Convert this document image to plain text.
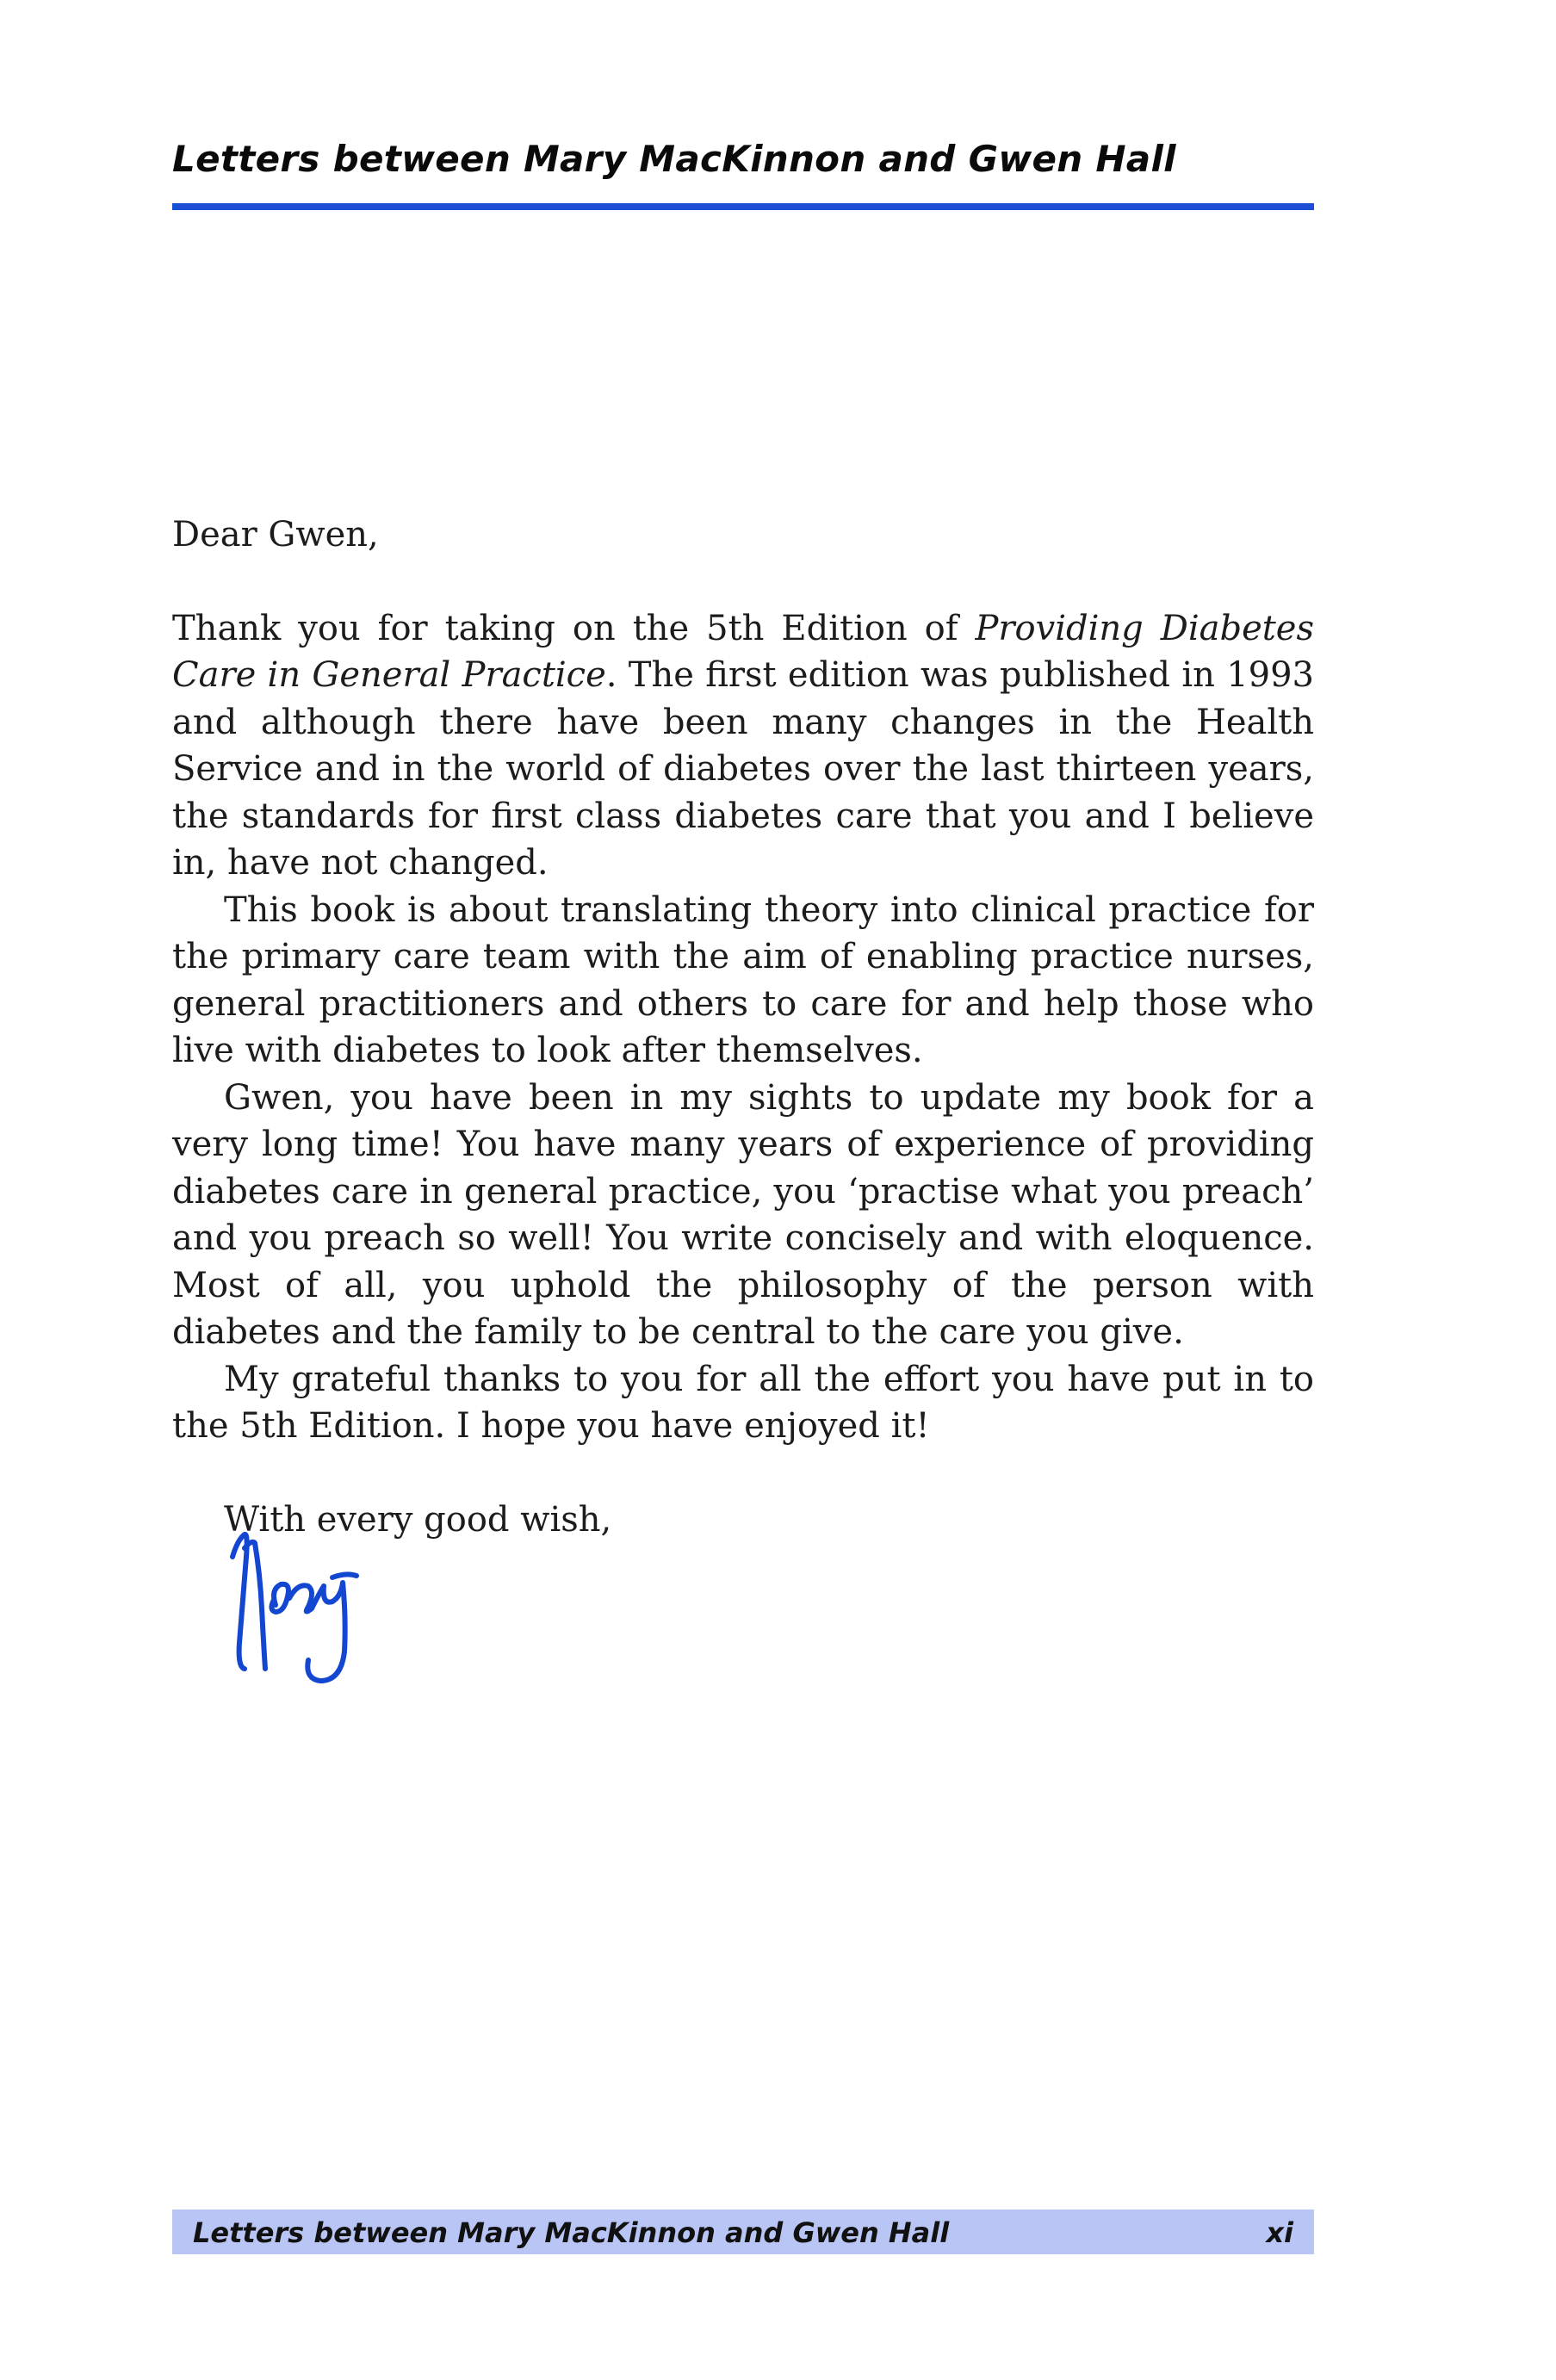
Letters between Mary MacKinnon and Gwen Hall

Dear Gwen,

Thank you for taking on the 5th Edition of Providing Diabetes Care in General Practice. The first edition was published in 1993 and although there have been many changes in the Health Service and in the world of diabetes over the last thirteen years, the standards for first class diabetes care that you and I believe in, have not changed.

This book is about translating theory into clinical practice for the primary care team with the aim of enabling practice nurses, general practitioners and others to care for and help those who live with diabetes to look after themselves.

Gwen, you have been in my sights to update my book for a very long time! You have many years of experience of providing diabetes care in general practice, you ‘practise what you preach’ and you preach so well! You write concisely and with eloquence. Most of all, you uphold the philosophy of the person with diabetes and the family to be central to the care you give.

My grateful thanks to you for all the effort you have put in to the 5th Edition. I hope you have enjoyed it!

With every good wish,

Letters between Mary MacKinnon and Gwen Hall	xi
